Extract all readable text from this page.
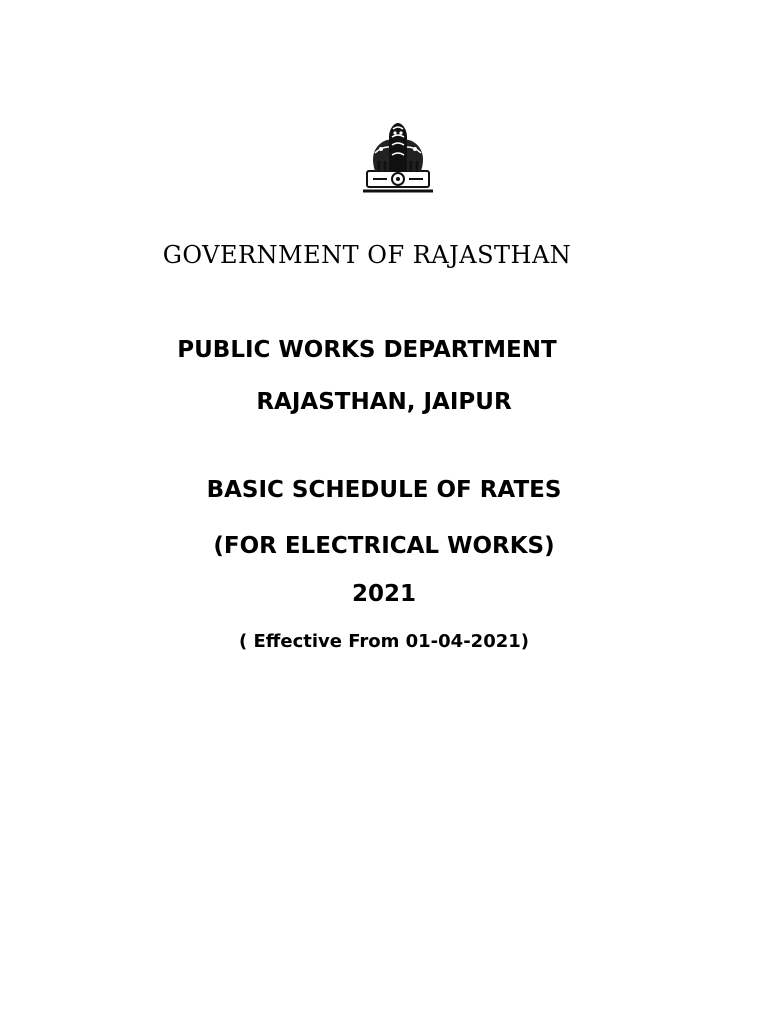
GOVERNMENT OF RAJASTHAN
PUBLIC WORKS DEPARTMENT
RAJASTHAN, JAIPUR
BASIC SCHEDULE OF RATES
(FOR ELECTRICAL WORKS)
2021
( Effective From 01-04-2021)
